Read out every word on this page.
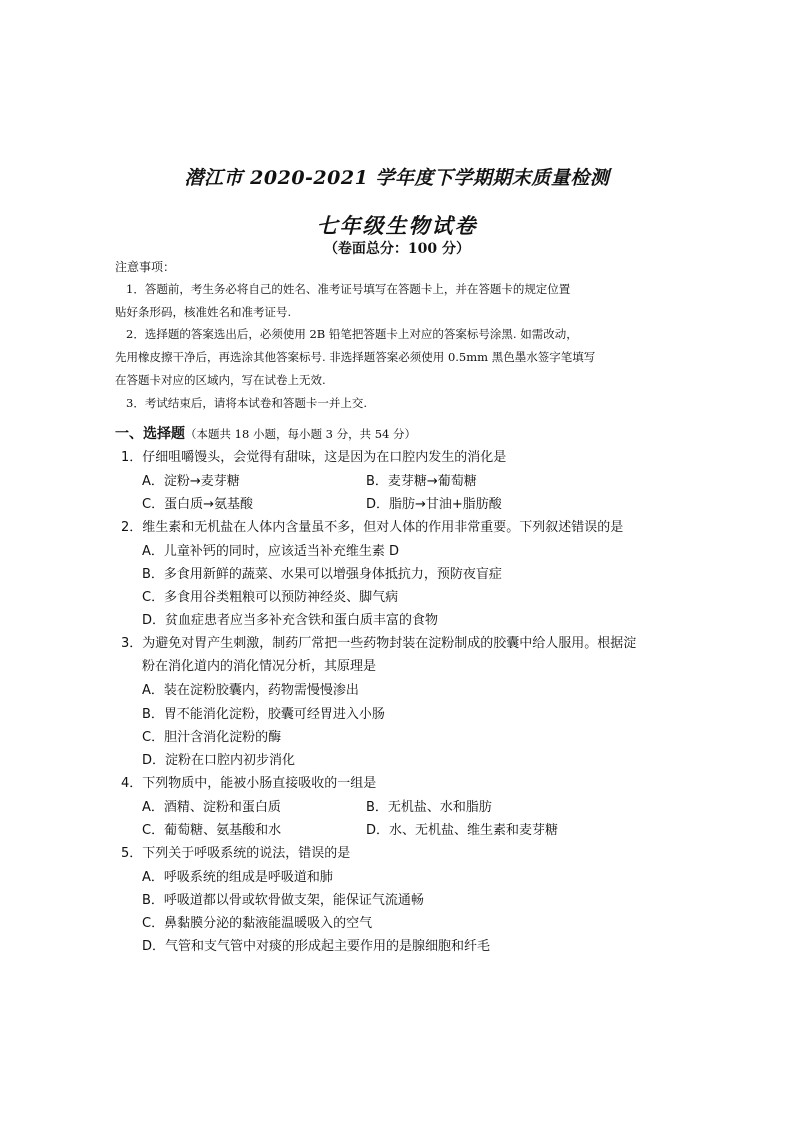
潜江市 2020-2021 学年度下学期期末质量检测
七年级生物试卷
（卷面总分：100 分）
注意事项：
1．答题前，考生务必将自己的姓名、准考证号填写在答题卡上，并在答题卡的规定位置
贴好条形码，核准姓名和准考证号.
2．选择题的答案选出后，必须使用 2B 铅笔把答题卡上对应的答案标号涂黑. 如需改动，
先用橡皮擦干净后，再选涂其他答案标号. 非选择题答案必须使用 0.5mm 黑色墨水签字笔填写
在答题卡对应的区域内，写在试卷上无效.
3．考试结束后，请将本试卷和答题卡一并上交.
一、选择题（本题共 18 小题，每小题 3 分，共 54 分）
1．仔细咀嚼馒头，会觉得有甜味，这是因为在口腔内发生的消化是
A．淀粉→麦芽糖	B．麦芽糖→葡萄糖
C．蛋白质→氨基酸	D．脂肪→甘油+脂肪酸
2．维生素和无机盐在人体内含量虽不多，但对人体的作用非常重要。下列叙述错误的是
A．儿童补钙的同时，应该适当补充维生素 D
B．多食用新鲜的蔬菜、水果可以增强身体抵抗力，预防夜盲症
C．多食用谷类粗粮可以预防神经炎、脚气病
D．贫血症患者应当多补充含铁和蛋白质丰富的食物
3．为避免对胃产生刺激，制药厂常把一些药物封装在淀粉制成的胶囊中给人服用。根据淀
粉在消化道内的消化情况分析，其原理是
A．装在淀粉胶囊内，药物需慢慢渗出
B．胃不能消化淀粉，胶囊可经胃进入小肠
C．胆汁含消化淀粉的酶
D．淀粉在口腔内初步消化
4．下列物质中，能被小肠直接吸收的一组是
A．酒精、淀粉和蛋白质	B．无机盐、水和脂肪
C．葡萄糖、氨基酸和水	D．水、无机盐、维生素和麦芽糖
5．下列关于呼吸系统的说法，错误的是
A．呼吸系统的组成是呼吸道和肺
B．呼吸道都以骨或软骨做支架，能保证气流通畅
C．鼻黏膜分泌的黏液能温暖吸入的空气
D．气管和支气管中对痰的形成起主要作用的是腺细胞和纤毛
